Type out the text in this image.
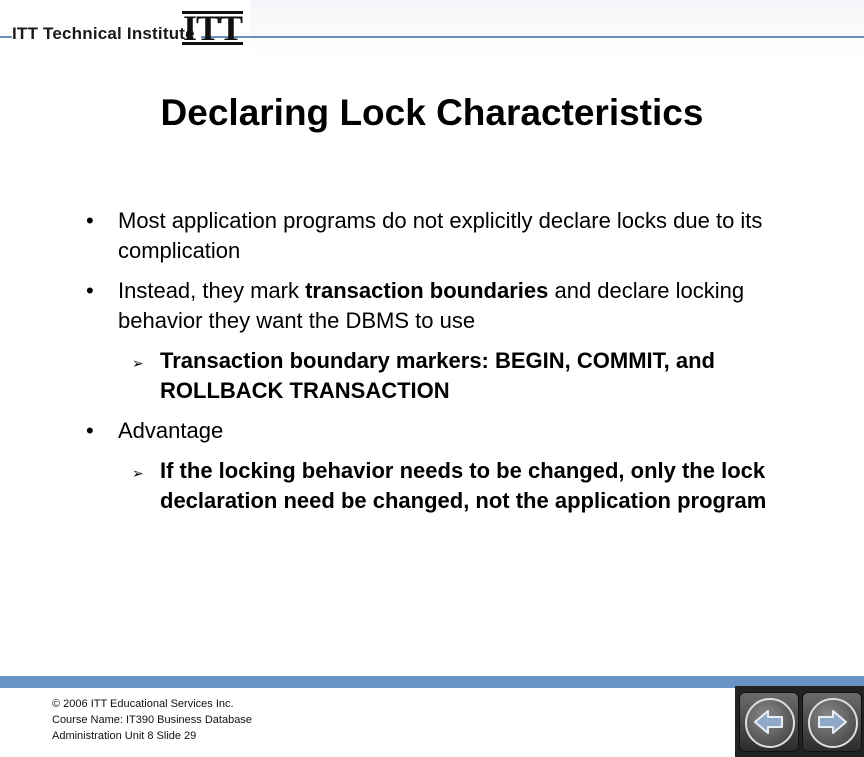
ITT Technical Institute
ITT
Declaring Lock Characteristics
• Most application programs do not explicitly declare locks due to its complication
• Instead, they mark transaction boundaries and declare locking behavior they want the DBMS to use
➢ Transaction boundary markers: BEGIN, COMMIT, and ROLLBACK TRANSACTION
• Advantage
➢ If the locking behavior needs to be changed, only the lock declaration need be changed, not the application program
© 2006 ITT Educational Services Inc.
Course Name: IT390 Business Database
Administration Unit 8 Slide 29
